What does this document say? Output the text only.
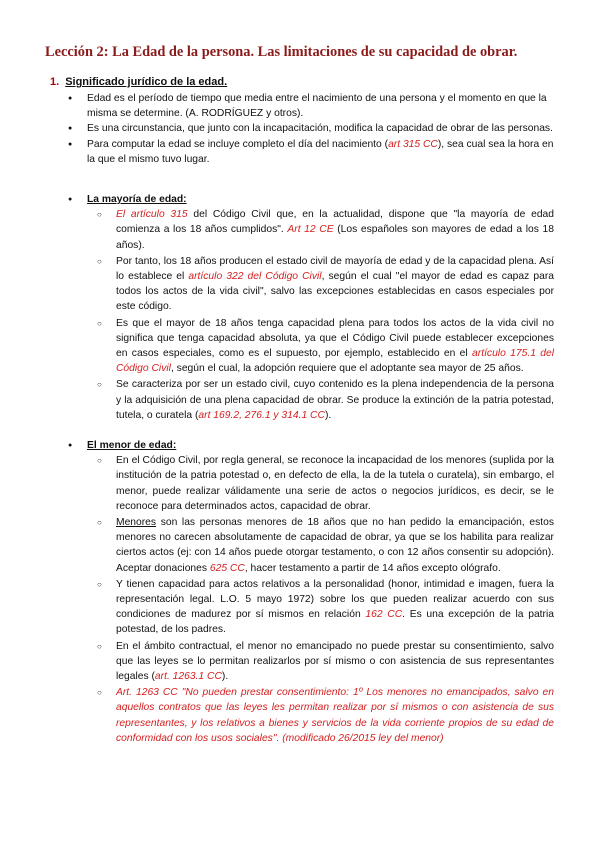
Lección 2: La Edad de la persona. Las limitaciones de su capacidad de obrar.
1. Significado jurídico de la edad.
● Edad es el período de tiempo que media entre el nacimiento de una persona y el momento en que la misma se determine. (A. RODRÍGUEZ y otros).
● Es una circunstancia, que junto con la incapacitación, modifica la capacidad de obrar de las personas.
● Para computar la edad se incluye completo el día del nacimiento (art 315 CC), sea cual sea la hora en la que el mismo tuvo lugar.
● La mayoría de edad:
○ El artículo 315 del Código Civil que, en la actualidad, dispone que "la mayoría de edad comienza a los 18 años cumplidos". Art 12 CE (Los españoles son mayores de edad a los 18 años).
○ Por tanto, los 18 años producen el estado civil de mayoría de edad y de la capacidad plena. Así lo establece el artículo 322 del Código Civil, según el cual "el mayor de edad es capaz para todos los actos de la vida civil", salvo las excepciones establecidas en casos especiales por este código.
○ Es que el mayor de 18 años tenga capacidad plena para todos los actos de la vida civil no significa que tenga capacidad absoluta, ya que el Código Civil puede establecer excepciones en casos especiales, como es el supuesto, por ejemplo, establecido en el artículo 175.1 del Código Civil, según el cual, la adopción requiere que el adoptante sea mayor de 25 años.
○ Se caracteriza por ser un estado civil, cuyo contenido es la plena independencia de la persona y la adquisición de una plena capacidad de obrar. Se produce la extinción de la patria potestad, tutela, o curatela (art 169.2, 276.1 y 314.1 CC).
● El menor de edad:
○ En el Código Civil, por regla general, se reconoce la incapacidad de los menores (suplida por la institución de la patria potestad o, en defecto de ella, la de la tutela o curatela), sin embargo, el menor, puede realizar válidamente una serie de actos o negocios jurídicos, es decir, se le reconoce para determinados actos, capacidad de obrar.
○ Menores son las personas menores de 18 años que no han pedido la emancipación, estos menores no carecen absolutamente de capacidad de obrar, ya que se los habilita para realizar ciertos actos (ej: con 14 años puede otorgar testamento, o con 12 años consentir su adopción). Aceptar donaciones 625 CC, hacer testamento a partir de 14 años excepto ológrafo.
○ Y tienen capacidad para actos relativos a la personalidad (honor, intimidad e imagen, fuera la representación legal. L.O. 5 mayo 1972) sobre los que pueden realizar acuerdo con sus condiciones de madurez por sí mismos en relación 162 CC. Es una excepción de la patria potestad, de los padres.
○ En el ámbito contractual, el menor no emancipado no puede prestar su consentimiento, salvo que las leyes se lo permitan realizarlos por sí mismo o con asistencia de sus representantes legales (art. 1263.1 CC).
○ Art. 1263 CC "No pueden prestar consentimiento: 1º Los menores no emancipados, salvo en aquellos contratos que las leyes les permitan realizar por sí mismos o con asistencia de sus representantes, y los relativos a bienes y servicios de la vida corriente propios de su edad de conformidad con los usos sociales". (modificado 26/2015 ley del menor)
